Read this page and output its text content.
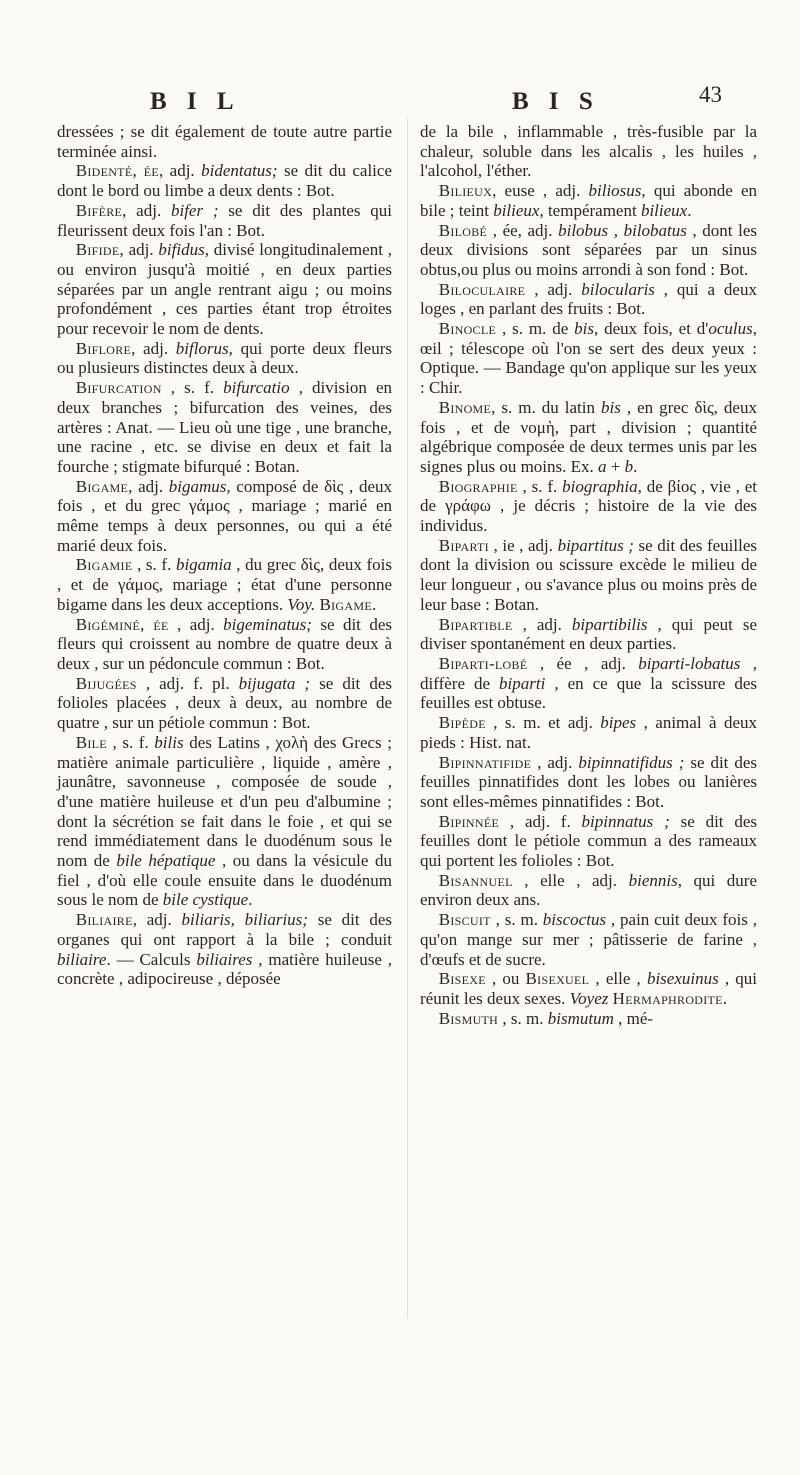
B I L	B I S	43

dressées ; se dit également de toute autre partie terminée ainsi.

Bidenté, ée, adj. bidentatus; se dit du calice dont le bord ou limbe a deux dents : Bot.

Bifère, adj. bifer ; se dit des plantes qui fleurissent deux fois l'an : Bot.

Bifide, adj. bifidus, divisé longitudinalement , ou environ jusqu'à moitié , en deux parties séparées par un angle rentrant aigu ; ou moins profondément , ces parties étant trop étroites pour recevoir le nom de dents.

Biflore, adj. biflorus, qui porte deux fleurs ou plusieurs distinctes deux à deux.

Bifurcation , s. f. bifurcatio , division en deux branches ; bifurcation des veines, des artères : Anat. — Lieu où une tige , une branche, une racine , etc. se divise en deux et fait la fourche ; stigmate bifurqué : Botan.

Bigame, adj. bigamus, composé de δὶς , deux fois , et du grec γάμος , mariage ; marié en même temps à deux personnes, ou qui a été marié deux fois.

Bigamie , s. f. bigamia , du grec δὶς, deux fois , et de γάμος, mariage ; état d'une personne bigame dans les deux acceptions. Voy. Bigame.

Bigéminé, ée , adj. bigeminatus; se dit des fleurs qui croissent au nombre de quatre deux à deux , sur un pédoncule commun : Bot.

Bijugées , adj. f. pl. bijugata ; se dit des folioles placées , deux à deux, au nombre de quatre , sur un pétiole commun : Bot.

Bile , s. f. bilis des Latins , χολὴ des Grecs ; matière animale particulière , liquide , amère , jaunâtre, savonneuse , composée de soude , d'une matière huileuse et d'un peu d'albumine ; dont la sécrétion se fait dans le foie , et qui se rend immédiatement dans le duodénum sous le nom de bile hépatique , ou dans la vésicule du fiel , d'où elle coule ensuite dans le duodénum sous le nom de bile cystique.

Biliaire, adj. biliaris, biliarius; se dit des organes qui ont rapport à la bile ; conduit biliaire. — Calculs biliaires , matière huileuse , concrète , adipocireuse , déposée

de la bile , inflammable , très-fusible par la chaleur, soluble dans les alcalis , les huiles , l'alcohol, l'éther.

Bilieux, euse , adj. biliosus, qui abonde en bile ; teint bilieux, tempérament bilieux.

Bilobé , ée, adj. bilobus , bilobatus , dont les deux divisions sont séparées par un sinus obtus,ou plus ou moins arrondi à son fond : Bot.

Biloculaire , adj. bilocularis , qui a deux loges , en parlant des fruits : Bot.

Binocle , s. m. de bis, deux fois, et d'oculus, œil ; télescope où l'on se sert des deux yeux : Optique. — Bandage qu'on applique sur les yeux : Chir.

Binome, s. m. du latin bis , en grec δὶς, deux fois , et de νομὴ, part , division ; quantité algébrique composée de deux termes unis par les signes plus ou moins. Ex. a + b.

Biographie , s. f. biographia, de βίος , vie , et de γράφω , je décris ; histoire de la vie des individus.

Biparti , ie , adj. bipartitus ; se dit des feuilles dont la division ou scissure excède le milieu de leur longueur , ou s'avance plus ou moins près de leur base : Botan.

Bipartible , adj. bipartibilis , qui peut se diviser spontanément en deux parties.

Biparti-lobé , ée , adj. biparti-lobatus , diffère de biparti , en ce que la scissure des feuilles est obtuse.

Bipède , s. m. et adj. bipes , animal à deux pieds : Hist. nat.

Bipinnatifide , adj. bipinnatifidus ; se dit des feuilles pinnatifides dont les lobes ou lanières sont elles-mêmes pinnatifides : Bot.

Bipinnée , adj. f. bipinnatus ; se dit des feuilles dont le pétiole commun a des rameaux qui portent les folioles : Bot.

Bisannuel , elle , adj. biennis, qui dure environ deux ans.

Biscuit , s. m. biscoctus , pain cuit deux fois , qu'on mange sur mer ; pâtisserie de farine , d'œufs et de sucre.

Bisexe , ou Bisexuel , elle , bisexuinus , qui réunit les deux sexes. Voyez Hermaphrodite.

Bismuth , s. m. bismutum , mé-
